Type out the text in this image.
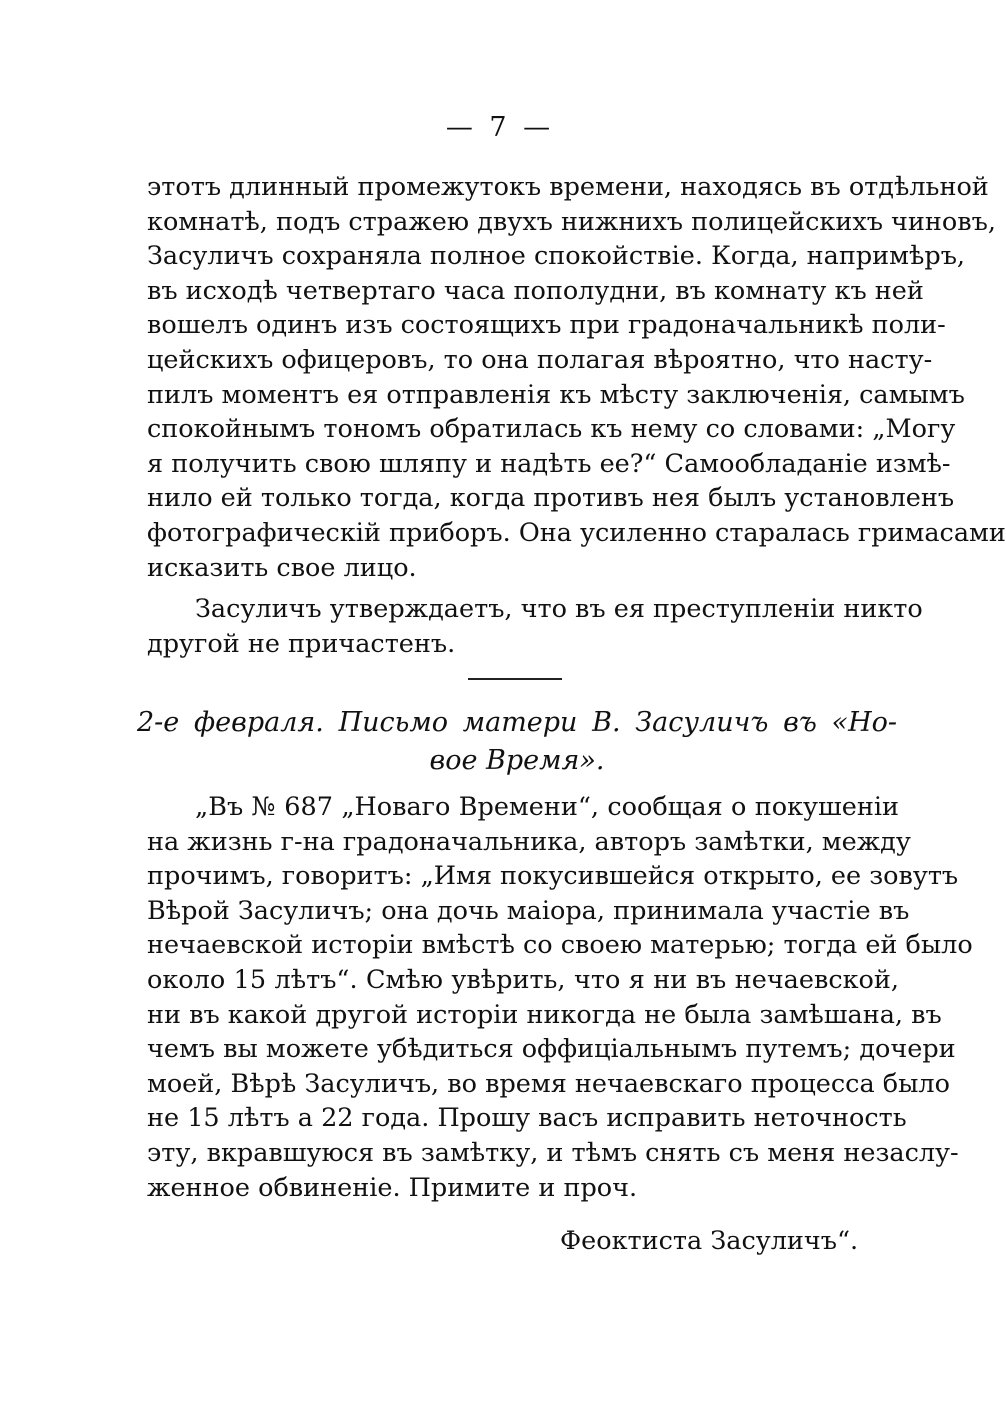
— 7 —
этотъ длинный промежутокъ времени, находясь въ отдѣльной
комнатѣ, подъ стражею двухъ нижнихъ полицейскихъ чиновъ,
Засуличъ сохраняла полное спокойствіе. Когда, напримѣръ,
въ исходѣ четвертаго часа пополудни, въ комнату къ ней
вошелъ одинъ изъ состоящихъ при градоначальникѣ поли-
цейскихъ офицеровъ, то она полагая вѣроятно, что насту-
пилъ моментъ ея отправленія къ мѣсту заключенія, самымъ
спокойнымъ тономъ обратилась къ нему со словами: „Могу
я получить свою шляпу и надѣть ее?“ Самообладаніе измѣ-
нило ей только тогда, когда противъ нея былъ установленъ
фотографическій приборъ. Она усиленно старалась гримасами
исказить свое лицо.
Засуличъ утверждаетъ, что въ ея преступленіи никто
другой не причастенъ.
2-е февраля. Письмо матери В. Засуличъ въ «Но-
вое Время».
„Въ № 687 „Новаго Времени“, сообщая о покушеніи
на жизнь г-на градоначальника, авторъ замѣтки, между
прочимъ, говоритъ: „Имя покусившейся открыто, ее зовутъ
Вѣрой Засуличъ; она дочь маіора, принимала участіе въ
нечаевской исторіи вмѣстѣ со своею матерью; тогда ей было
около 15 лѣтъ“. Смѣю увѣрить, что я ни въ нечаевской,
ни въ какой другой исторіи никогда не была замѣшана, въ
чемъ вы можете убѣдиться оффиціальнымъ путемъ; дочери
моей, Вѣрѣ Засуличъ, во время нечаевскаго процесса было
не 15 лѣтъ а 22 года. Прошу васъ исправить неточность
эту, вкравшуюся въ замѣтку, и тѣмъ снять съ меня незаслу-
женное обвиненіе. Примите и проч.
Феоктиста Засуличъ“.
